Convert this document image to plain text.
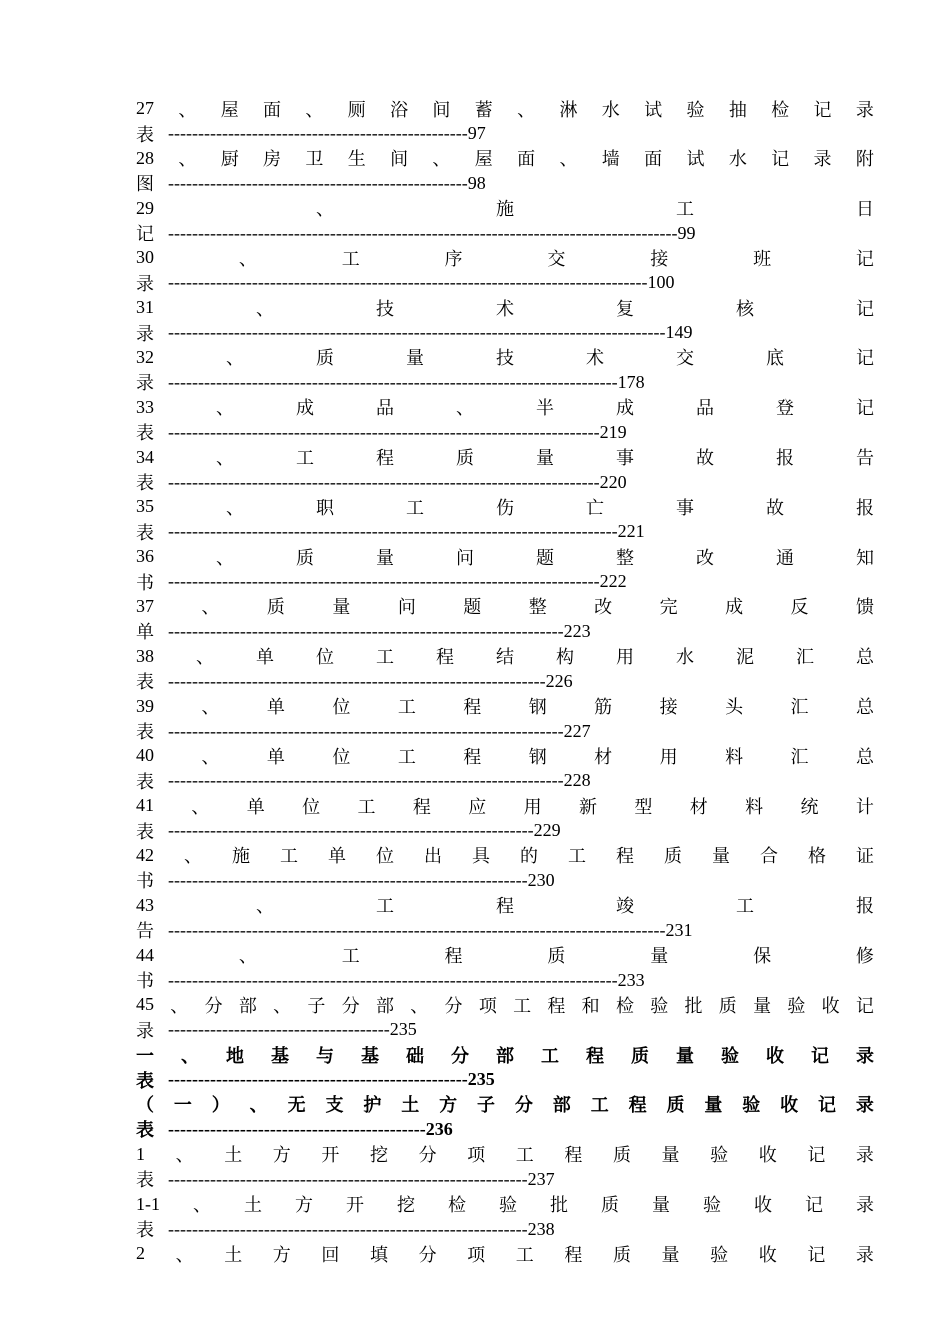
27 、 屋 面 、 厕 浴 间 蓄 、 淋 水 试 验 抽 检 记 录
表 -------------------------------------------------- 97
28 、 厨 房 卫 生 间 、 屋 面 、 墙 面 试 水 记 录 附
图 -------------------------------------------------- 98
29	、	施	工	日
记 ------------------------------------------------------------------------------------- 99
30	、	工	序	交	接	班	记
录 -------------------------------------------------------------------------------- 100
31	、	技	术	复	核	记
录 ----------------------------------------------------------------------------------- 149
32	、	质	量	技	术	交	底	记
录 --------------------------------------------------------------------------- 178
33	、	成	品	、	半	成	品	登	记
表 ------------------------------------------------------------------------ 219
34	、	工	程	质	量	事	故	报	告
表 ------------------------------------------------------------------------ 220
35	、	职	工	伤	亡	事	故	报
表 --------------------------------------------------------------------------- 221
36	、	质	量	问	题	整	改	通	知
书 ------------------------------------------------------------------------ 222
37	、	质	量	问	题	整	改	完	成	反	馈
单 ------------------------------------------------------------------ 223
38 、 单 位 工 程 结 构 用 水 泥 汇 总
表 --------------------------------------------------------------- 226
39	、	单	位	工	程	钢	筋	接	头	汇	总
表 ------------------------------------------------------------------ 227
40	、	单	位	工	程	钢	材	用	料	汇	总
表 ------------------------------------------------------------------ 228
41 、 单 位 工 程 应 用 新 型 材 料 统 计
表 ------------------------------------------------------------- 229
42 、 施 工 单 位 出 具 的 工 程 质 量 合 格 证
书 ------------------------------------------------------------ 230
43	、	工	程	竣	工	报
告 ----------------------------------------------------------------------------------- 231
44	、	工	程	质	量	保	修
书 --------------------------------------------------------------------------- 233
45 、 分 部 、 子 分 部 、 分 项 工 程 和 检 验 批 质 量 验 收 记
录 ------------------------------------- 235
一 、 地 基 与 基 础 分 部 工 程 质 量 验 收 记 录
表 -------------------------------------------------- 235
（ 一 ） 、 无 支 护 土 方 子 分 部 工 程 质 量 验 收 记 录
表 ------------------------------------------- 236
1 、 土 方 开 挖 分 项 工 程 质 量 验 收 记 录
表 ------------------------------------------------------------ 237
1-1 、 土 方 开 挖 检 验 批 质 量 验 收 记 录
表 ------------------------------------------------------------ 238
2 、 土 方 回 填 分 项 工 程 质 量 验 收 记 录
